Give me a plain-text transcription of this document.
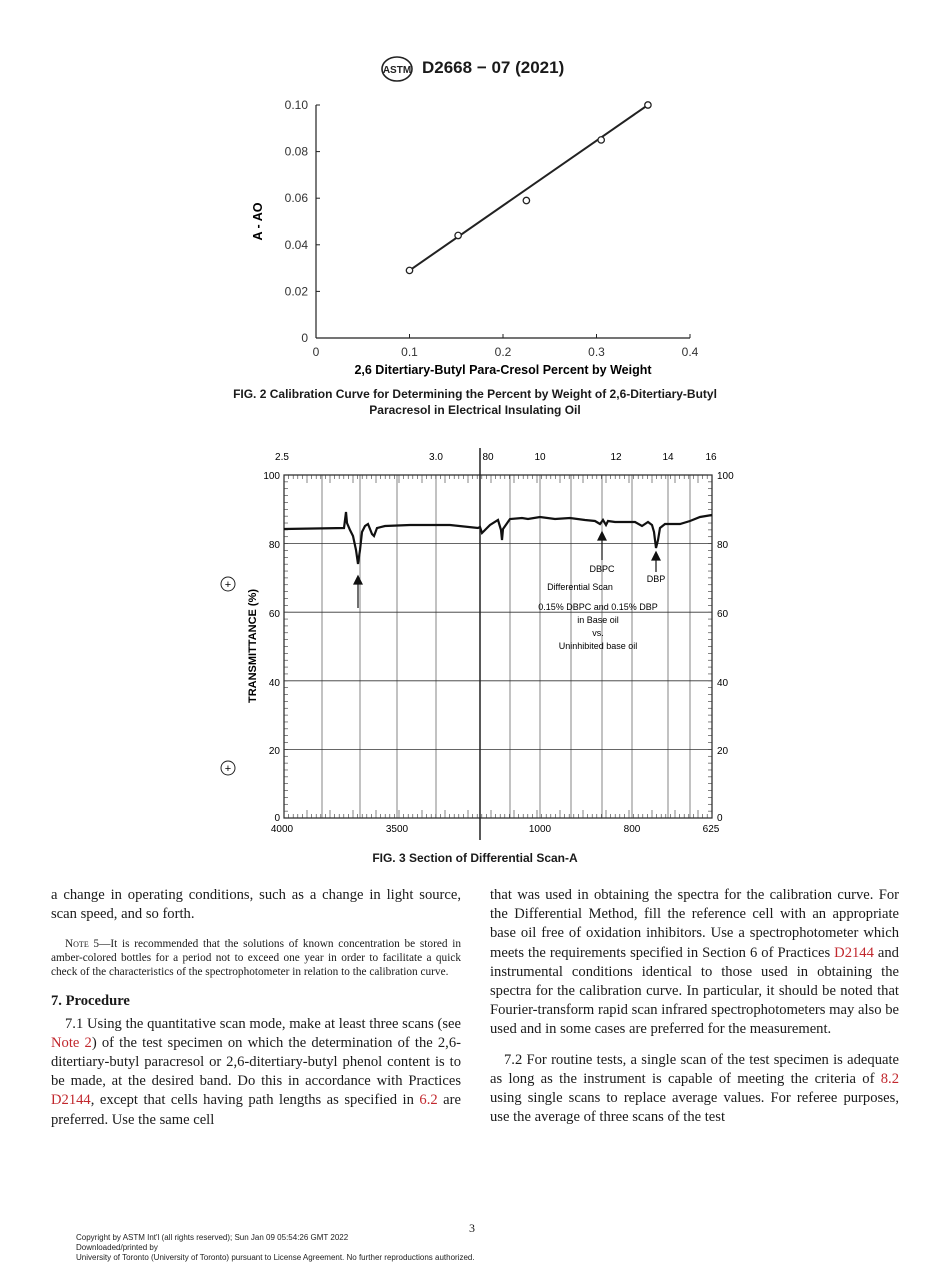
ASTM D2668 − 07 (2021)
0	0.1	0.2	0.3	0.4
0
0.02
0.04
0.06
0.08
0.10
2,6 Ditertiary-Butyl Para-Cresol Percent by Weight
A - AO
FIG. 2 Calibration Curve for Determining the Percent by Weight of 2,6-Ditertiary-Butyl
Paracresol in Electrical Insulating Oil
DBPC
DBP
Differential Scan
0.15% DBPC and 0.15% DBP
in Base oil
vs.
Uninhibited base oil
TRANSMITTANCE (%)
+
+
2.5	3.0	80	10	12	14	16
4000	3500	1000	800	625
100
80
60
40
20
0
100
80
60
40
20
0
FIG. 3 Section of Differential Scan-A

a change in operating conditions, such as a change in light source, scan speed, and so forth.

Note 5—It is recommended that the solutions of known concentration be stored in amber-colored bottles for a period not to exceed one year in order to facilitate a quick check of the characteristics of the spectrophotometer in relation to the calibration curve.

7. Procedure

7.1 Using the quantitative scan mode, make at least three scans (see Note 2) of the test specimen on which the determination of the 2,6-ditertiary-butyl paracresol or 2,6-ditertiary-butyl phenol content is to be made, at the desired band. Do this in accordance with Practices D2144, except that cells having path lengths as specified in 6.2 are preferred. Use the same cell

that was used in obtaining the spectra for the calibration curve. For the Differential Method, fill the reference cell with an appropriate base oil free of oxidation inhibitors. Use a spectrophotometer which meets the requirements specified in Section 6 of Practices D2144 and instrumental conditions identical to those used in obtaining the spectra for the calibration curve. In particular, it should be noted that Fourier-transform rapid scan infrared spectrophotometers may also be used and in some cases are preferred for the measurement.

7.2 For routine tests, a single scan of the test specimen is adequate as long as the instrument is capable of meeting the criteria of 8.2 using single scans to replace average values. For referee purposes, use the average of three scans of the test

3
Copyright by ASTM Int'l (all rights reserved); Sun Jan 09 05:54:26 GMT 2022
Downloaded/printed by
University of Toronto (University of Toronto) pursuant to License Agreement. No further reproductions authorized.
